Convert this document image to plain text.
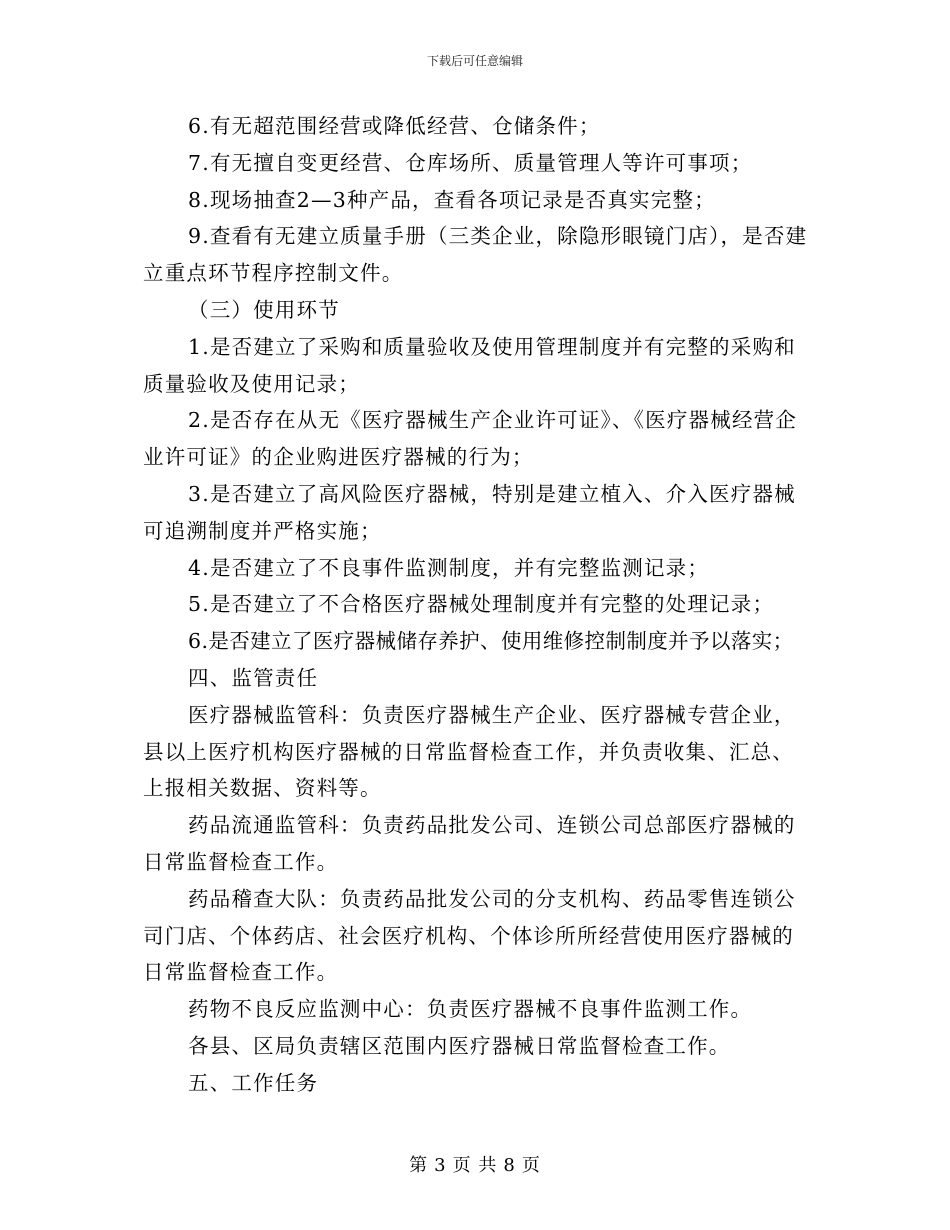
下载后可任意编辑

6.有无超范围经营或降低经营、仓储条件；

7.有无擅自变更经营、仓库场所、质量管理人等许可事项；

8.现场抽查2—3种产品，查看各项记录是否真实完整；

9.查看有无建立质量手册（三类企业，除隐形眼镜门店），是否建立重点环节程序控制文件。

（三）使用环节

1.是否建立了采购和质量验收及使用管理制度并有完整的采购和质量验收及使用记录；

2.是否存在从无《医疗器械生产企业许可证》、《医疗器械经营企业许可证》的企业购进医疗器械的行为；

3.是否建立了高风险医疗器械，特别是建立植入、介入医疗器械可追溯制度并严格实施；

4.是否建立了不良事件监测制度，并有完整监测记录；

5.是否建立了不合格医疗器械处理制度并有完整的处理记录；

6.是否建立了医疗器械储存养护、使用维修控制制度并予以落实；

四、监管责任

医疗器械监管科：负责医疗器械生产企业、医疗器械专营企业，县以上医疗机构医疗器械的日常监督检查工作，并负责收集、汇总、上报相关数据、资料等。

药品流通监管科：负责药品批发公司、连锁公司总部医疗器械的日常监督检查工作。

药品稽查大队：负责药品批发公司的分支机构、药品零售连锁公司门店、个体药店、社会医疗机构、个体诊所所经营使用医疗器械的日常监督检查工作。

药物不良反应监测中心：负责医疗器械不良事件监测工作。

各县、区局负责辖区范围内医疗器械日常监督检查工作。

五、工作任务

第 3 页 共 8 页
